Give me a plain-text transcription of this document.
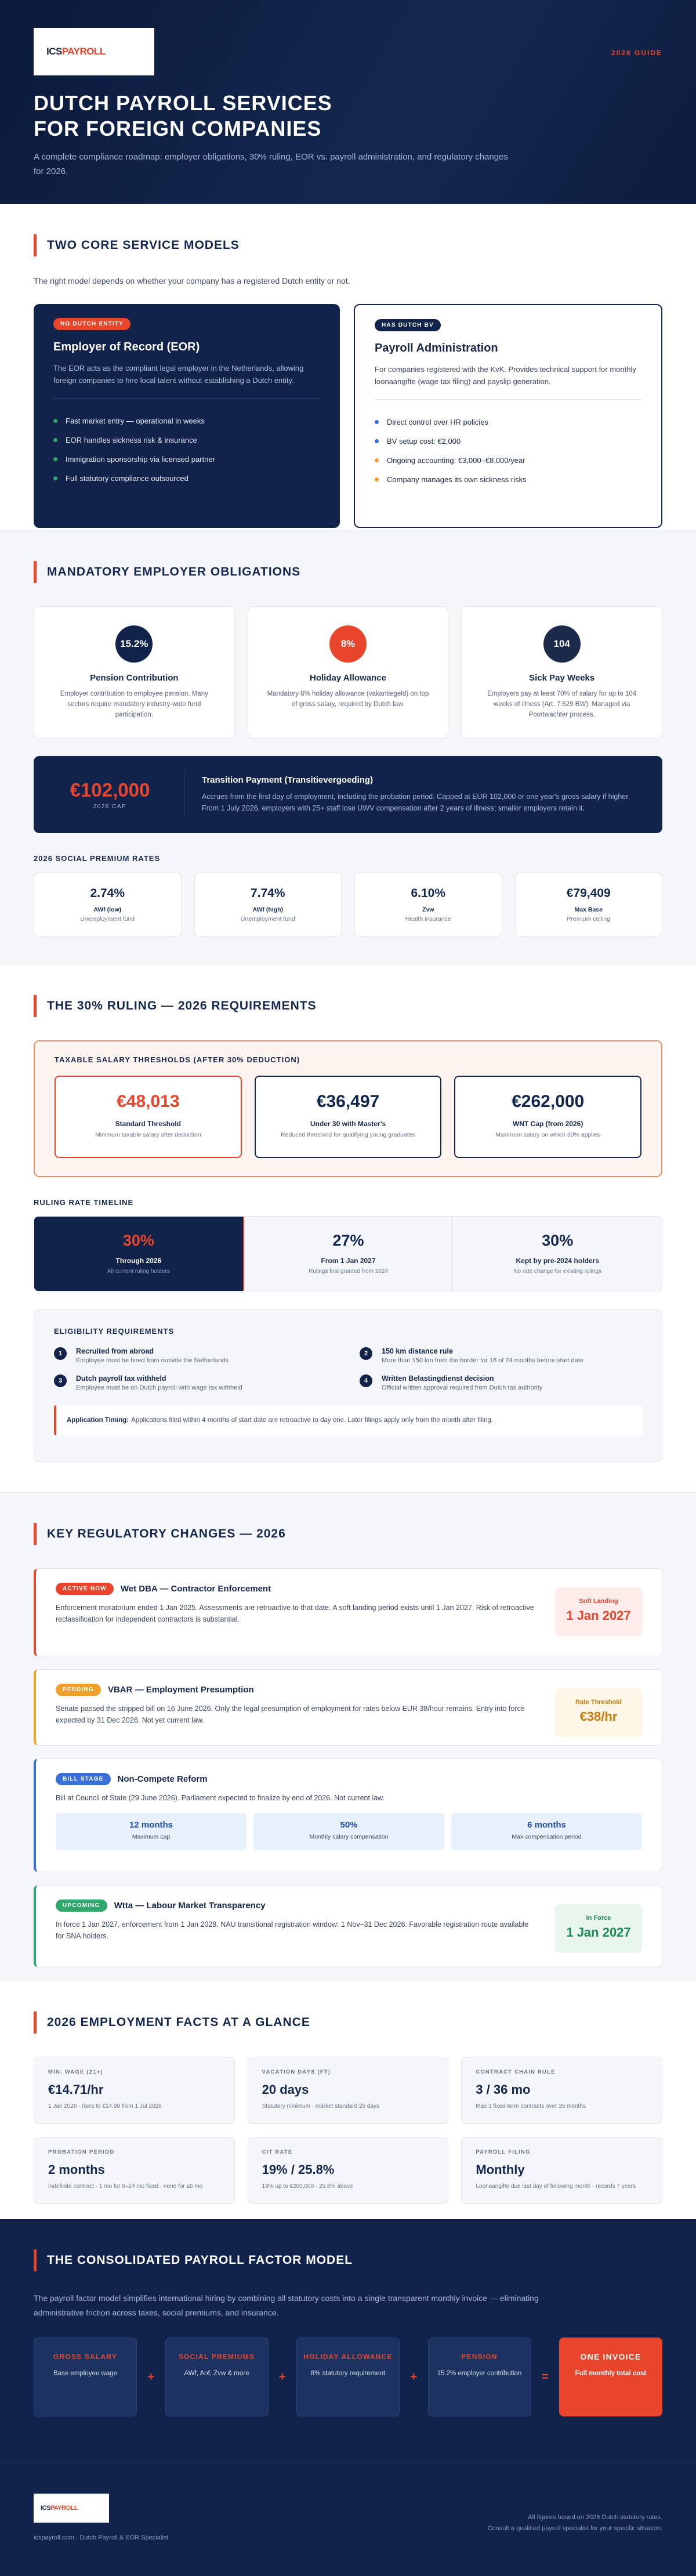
ICSPAYROLL	2026 GUIDE
DUTCH PAYROLL SERVICES
FOR FOREIGN COMPANIES
A complete compliance roadmap: employer obligations, 30% ruling, EOR vs. payroll administration, and regulatory changes for 2026.
TWO CORE SERVICE MODELS
The right model depends on whether your company has a registered Dutch entity or not.
NO DUTCH ENTITY
Employer of Record (EOR)
The EOR acts as the compliant legal employer in the Netherlands, allowing foreign companies to hire local talent without establishing a Dutch entity.
Fast market entry — operational in weeks
EOR handles sickness risk & insurance
Immigration sponsorship via licensed partner
Full statutory compliance outsourced
HAS DUTCH BV
Payroll Administration
For companies registered with the KvK. Provides technical support for monthly loonaangifte (wage tax filing) and payslip generation.
Direct control over HR policies
BV setup cost: €2,000
Ongoing accounting: €3,000–€8,000/year
Company manages its own sickness risks
MANDATORY EMPLOYER OBLIGATIONS
15.2%
Pension Contribution

Employer contribution to employee pension. Many sectors require mandatory industry-wide fund participation.

8%
Holiday Allowance

Mandatory 8% holiday allowance (vakantiegeld) on top of gross salary, required by Dutch law.

104
Sick Pay Weeks

Employers pay at least 70% of salary for up to 104 weeks of illness (Art. 7:629 BW). Managed via Poortwachter process.

€102,000
2026 CAP
Transition Payment (Transitievergoeding)

Accrues from the first day of employment, including the probation period. Capped at EUR 102,000 or one year's gross salary if higher. From 1 July 2026, employers with 25+ staff lose UWV compensation after 2 years of illness; smaller employers retain it.

2026 SOCIAL PREMIUM RATES
2.74%
AWf (low)
Unemployment fund
7.74%
AWf (high)
Unemployment fund
6.10%
Zvw
Health insurance
€79,409
Max Base
Premium ceiling
THE 30% RULING — 2026 REQUIREMENTS
TAXABLE SALARY THRESHOLDS (AFTER 30% DEDUCTION)
€48,013
Standard Threshold
Minimum taxable salary after deduction
€36,497
Under 30 with Master's
Reduced threshold for qualifying young graduates
€262,000
WNT Cap (from 2026)
Maximum salary on which 30% applies
RULING RATE TIMELINE
30%
Through 2026
All current ruling holders
27%
From 1 Jan 2027
Rulings first granted from 2024
30%
Kept by pre-2024 holders
No rate change for existing rulings
ELIGIBILITY REQUIREMENTS
1	Recruited from abroad

Employee must be hired from outside the Netherlands

2	150 km distance rule

More than 150 km from the border for 16 of 24 months before start date

3	Dutch payroll tax withheld

Employee must be on Dutch payroll with wage tax withheld

4	Written Belastingdienst decision

Official written approval required from Dutch tax authority

Application Timing: Applications filed within 4 months of start date are retroactive to day one. Later filings apply only from the month after filing.
KEY REGULATORY CHANGES — 2026
ACTIVE NOW	Wet DBA — Contractor Enforcement

Enforcement moratorium ended 1 Jan 2025. Assessments are retroactive to that date. A soft landing period exists until 1 Jan 2027. Risk of retroactive reclassification for independent contractors is substantial.

Soft Landing
1 Jan 2027
PENDING	VBAR — Employment Presumption

Senate passed the stripped bill on 16 June 2026. Only the legal presumption of employment for rates below EUR 38/hour remains. Entry into force expected by 31 Dec 2026. Not yet current law.

Rate Threshold
€38/hr
BILL STAGE	Non-Compete Reform

Bill at Council of State (29 June 2026). Parliament expected to finalize by end of 2026. Not current law.

12 months
Maximum cap
50%
Monthly salary compensation
6 months
Max compensation period
UPCOMING	Wtta — Labour Market Transparency

In force 1 Jan 2027, enforcement from 1 Jan 2028. NAU transitional registration window: 1 Nov–31 Dec 2026. Favorable registration route available for SNA holders.

In Force
1 Jan 2027
2026 EMPLOYMENT FACTS AT A GLANCE
MIN. WAGE (21+)
€14.71/hr
1 Jan 2026 · rises to €14.99 from 1 Jul 2026
VACATION DAYS (FT)
20 days
Statutory minimum · market standard 25 days
CONTRACT CHAIN RULE
3 / 36 mo
Max 3 fixed-term contracts over 36 months
PROBATION PERIOD
2 months
Indefinite contract · 1 mo for 6–24 mo fixed · none for ≤6 mo
CIT RATE
19% / 25.8%
19% up to €200,000 · 25.8% above
PAYROLL FILING
Monthly
Loonaangifte due last day of following month · records 7 years
THE CONSOLIDATED PAYROLL FACTOR MODEL
The payroll factor model simplifies international hiring by combining all statutory costs into a single transparent monthly invoice — eliminating administrative friction across taxes, social premiums, and insurance.
GROSS SALARY
Base employee wage	+
SOCIAL PREMIUMS
AWf, Aof, Zvw & more	+
HOLIDAY ALLOWANCE
8% statutory requirement	+
PENSION
15.2% employer contribution	=
ONE INVOICE
Full monthly total cost
ICSPAYROLL
icspayroll.com · Dutch Payroll & EOR Specialist
All figures based on 2026 Dutch statutory rates.
Consult a qualified payroll specialist for your specific situation.
